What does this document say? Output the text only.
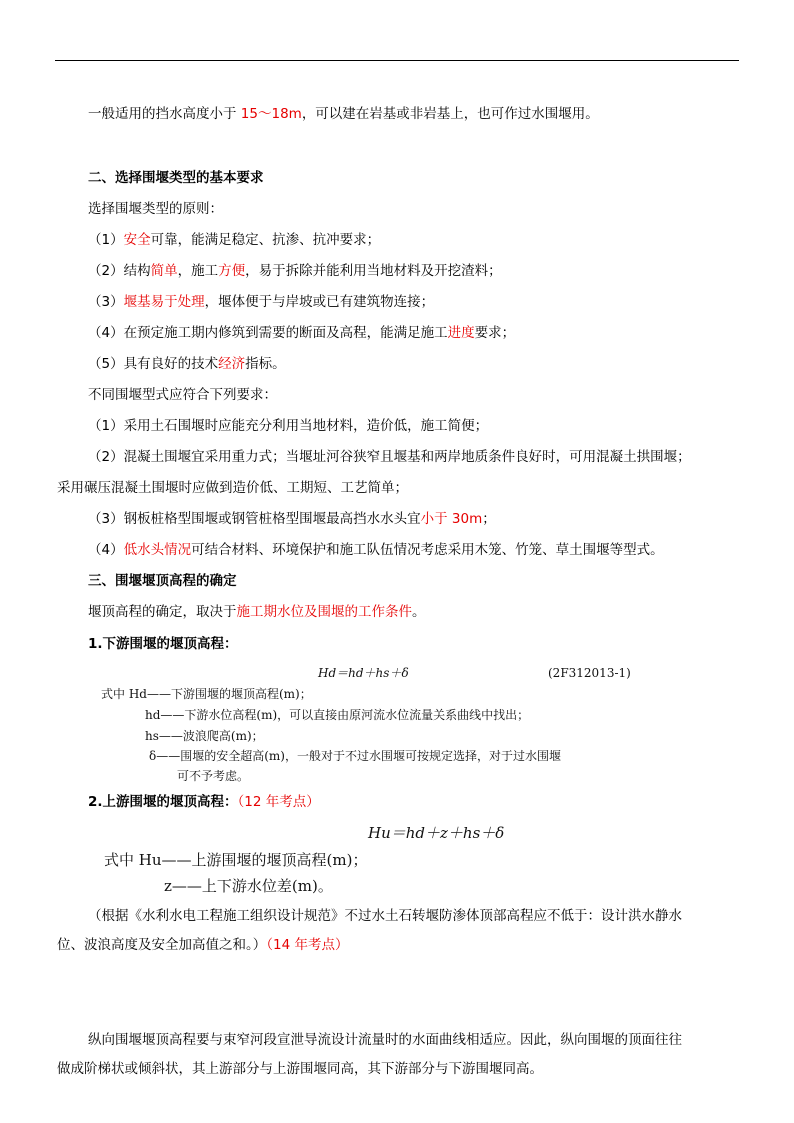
一般适用的挡水高度小于 15～18m，可以建在岩基或非岩基上，也可作过水围堰用。
二、选择围堰类型的基本要求
选择围堰类型的原则：
（1）安全可靠，能满足稳定、抗渗、抗冲要求；
（2）结构简单，施工方便，易于拆除并能利用当地材料及开挖渣料；
（3）堰基易于处理，堰体便于与岸坡或已有建筑物连接；
（4）在预定施工期内修筑到需要的断面及高程，能满足施工进度要求；
（5）具有良好的技术经济指标。
不同围堰型式应符合下列要求：
（1）采用土石围堰时应能充分利用当地材料，造价低，施工简便；
（2）混凝土围堰宜采用重力式；当堰址河谷狭窄且堰基和两岸地质条件良好时，可用混凝土拱围堰；
采用碾压混凝土围堰时应做到造价低、工期短、工艺简单；
（3）钢板桩格型围堰或钢管桩格型围堰最高挡水水头宜小于 30m；
（4）低水头情况可结合材料、环境保护和施工队伍情况考虑采用木笼、竹笼、草土围堰等型式。
三、围堰堰顶高程的确定
堰顶高程的确定，取决于施工期水位及围堰的工作条件。
1.下游围堰的堰顶高程：
Hd＝hd＋hs＋δ	(2F312013-1)
式中 Hd——下游围堰的堰顶高程(m)；
hd——下游水位高程(m)，可以直接由原河流水位流量关系曲线中找出；
hs——波浪爬高(m)；
δ——围堰的安全超高(m)，一般对于不过水围堰可按规定选择，对于过水围堰
可不予考虑。
2.上游围堰的堰顶高程：（12 年考点）
Hu＝hd＋z＋hs＋δ
式中 Hu——上游围堰的堰顶高程(m)；
z——上下游水位差(m)。
（根据《水利水电工程施工组织设计规范》不过水土石转堰防渗体顶部高程应不低于：设计洪水静水
位、波浪高度及安全加高值之和。）（14 年考点）
纵向围堰堰顶高程要与束窄河段宣泄导流设计流量时的水面曲线相适应。因此，纵向围堰的顶面往往
做成阶梯状或倾斜状，其上游部分与上游围堰同高，其下游部分与下游围堰同高。
